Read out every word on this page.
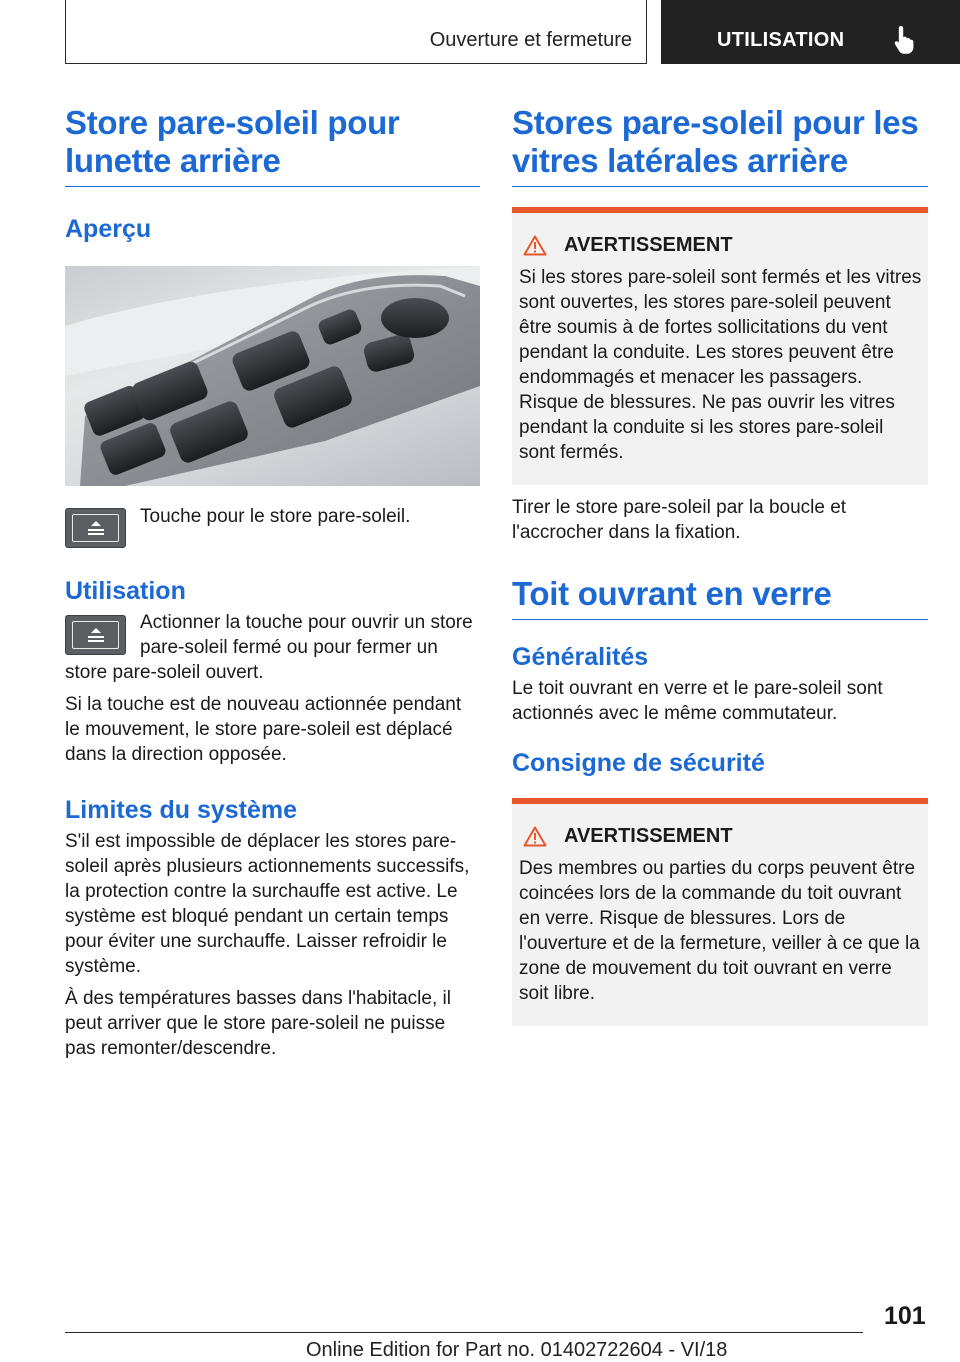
Ouverture et fermeture	UTILISATION
Store pare-soleil pour
lunette arrière
Aperçu

Touche pour le store pare-soleil.

Utilisation

Actionner la touche pour ouvrir un store pare-soleil fermé ou pour fermer un store pare-soleil ouvert.

Si la touche est de nouveau actionnée pendant le mouvement, le store pare-soleil est déplacé dans la direction opposée.

Limites du système

S'il est impossible de déplacer les stores pare-soleil après plusieurs actionnements successifs, la protection contre la surchauffe est active. Le système est bloqué pendant un certain temps pour éviter une surchauffe. Laisser refroidir le système.

À des températures basses dans l'habitacle, il peut arriver que le store pare-soleil ne puisse pas remonter/descendre.

Stores pare-soleil pour les
vitres latérales arrière
AVERTISSEMENT

Si les stores pare-soleil sont fermés et les vitres sont ouvertes, les stores pare-soleil peuvent être soumis à de fortes sollicitations du vent pendant la conduite. Les stores peuvent être endommagés et menacer les passagers. Risque de blessures. Ne pas ouvrir les vitres pendant la conduite si les stores pare-soleil sont fermés.

Tirer le store pare-soleil par la boucle et l'accrocher dans la fixation.

Toit ouvrant en verre
Généralités

Le toit ouvrant en verre et le pare-soleil sont actionnés avec le même commutateur.

Consigne de sécurité
AVERTISSEMENT

Des membres ou parties du corps peuvent être coincées lors de la commande du toit ouvrant en verre. Risque de blessures. Lors de l'ouverture et de la fermeture, veiller à ce que la zone de mouvement du toit ouvrant en verre soit libre.

101
Online Edition for Part no. 01402722604 - VI/18
